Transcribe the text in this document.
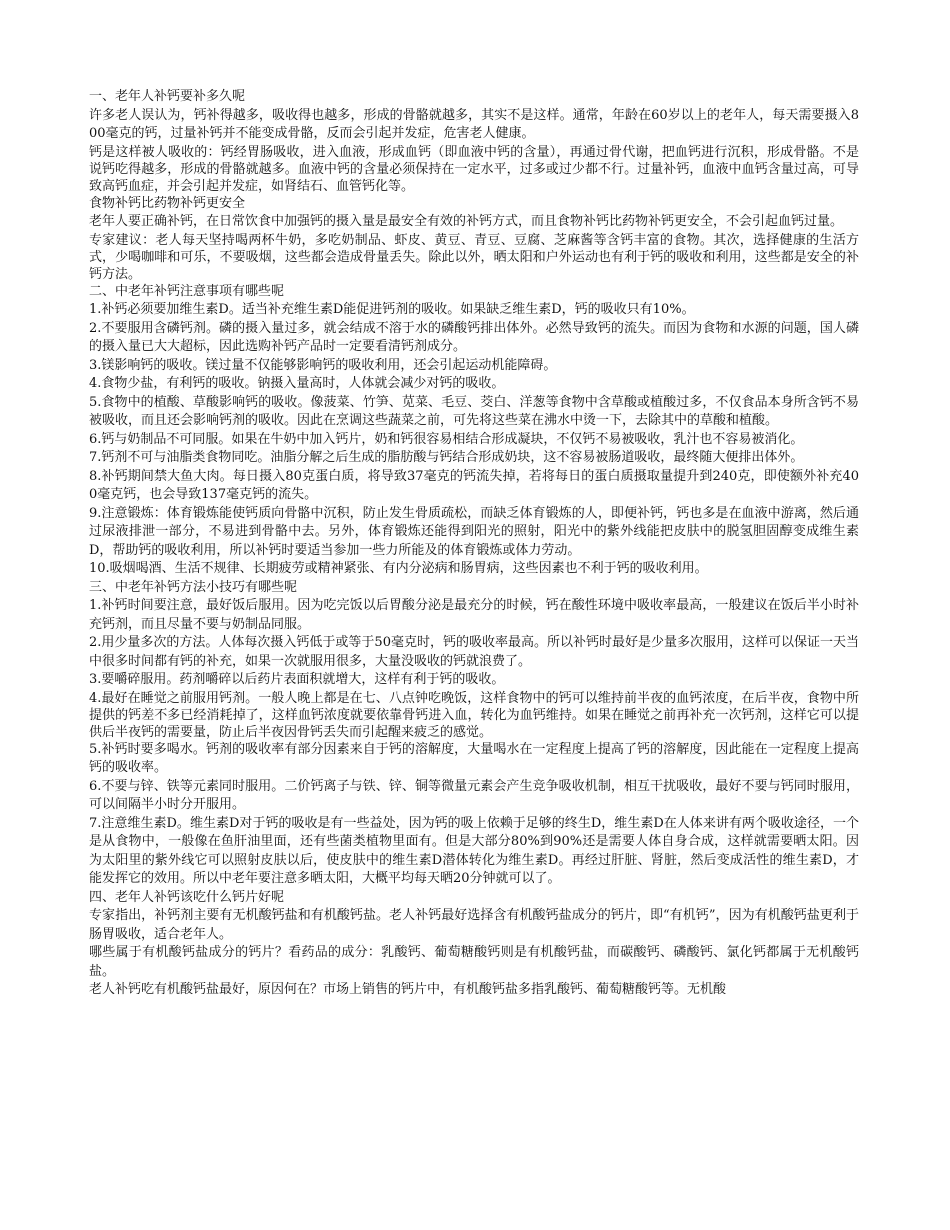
一、老年人补钙要补多久呢

许多老人误认为，钙补得越多，吸收得也越多，形成的骨骼就越多，其实不是这样。通常，年龄在60岁以上的老年人，每天需要摄入800毫克的钙，过量补钙并不能变成骨骼，反而会引起并发症，危害老人健康。

钙是这样被人吸收的：钙经胃肠吸收，进入血液，形成血钙（即血液中钙的含量），再通过骨代谢，把血钙进行沉积，形成骨骼。不是说钙吃得越多，形成的骨骼就越多。血液中钙的含量必须保持在一定水平，过多或过少都不行。过量补钙，血液中血钙含量过高，可导致高钙血症，并会引起并发症，如肾结石、血管钙化等。

食物补钙比药物补钙更安全

老年人要正确补钙，在日常饮食中加强钙的摄入量是最安全有效的补钙方式，而且食物补钙比药物补钙更安全，不会引起血钙过量。

专家建议：老人每天坚持喝两杯牛奶，多吃奶制品、虾皮、黄豆、青豆、豆腐、芝麻酱等含钙丰富的食物。其次，选择健康的生活方式，少喝咖啡和可乐，不要吸烟，这些都会造成骨量丢失。除此以外，晒太阳和户外运动也有利于钙的吸收和利用，这些都是安全的补钙方法。

二、中老年补钙注意事项有哪些呢

1.补钙必须要加维生素D。适当补充维生素D能促进钙剂的吸收。如果缺乏维生素D，钙的吸收只有10%。

2.不要服用含磷钙剂。磷的摄入量过多，就会结成不溶于水的磷酸钙排出体外。必然导致钙的流失。而因为食物和水源的问题，国人磷的摄入量已大大超标，因此选购补钙产品时一定要看清钙剂成分。

3.镁影响钙的吸收。镁过量不仅能够影响钙的吸收利用，还会引起运动机能障碍。

4.食物少盐，有利钙的吸收。钠摄入量高时，人体就会减少对钙的吸收。

5.食物中的植酸、草酸影响钙的吸收。像菠菜、竹笋、苋菜、毛豆、茭白、洋葱等食物中含草酸或植酸过多，不仅食品本身所含钙不易被吸收，而且还会影响钙剂的吸收。因此在烹调这些蔬菜之前，可先将这些菜在沸水中烫一下，去除其中的草酸和植酸。

6.钙与奶制品不可同服。如果在牛奶中加入钙片，奶和钙很容易相结合形成凝块，不仅钙不易被吸收，乳汁也不容易被消化。

7.钙剂不可与油脂类食物同吃。油脂分解之后生成的脂肪酸与钙结合形成奶块，这不容易被肠道吸收，最终随大便排出体外。

8.补钙期间禁大鱼大肉。每日摄入80克蛋白质，将导致37毫克的钙流失掉，若将每日的蛋白质摄取量提升到240克，即使额外补充400毫克钙，也会导致137毫克钙的流失。

9.注意锻炼：体育锻炼能使钙质向骨骼中沉积，防止发生骨质疏松，而缺乏体育锻炼的人，即便补钙，钙也多是在血液中游离，然后通过尿液排泄一部分，不易进到骨骼中去。另外，体育锻炼还能得到阳光的照射，阳光中的紫外线能把皮肤中的脱氢胆固醇变成维生素D，帮助钙的吸收利用，所以补钙时要适当参加一些力所能及的体育锻炼或体力劳动。

10.吸烟喝酒、生活不规律、长期疲劳或精神紧张、有内分泌病和肠胃病，这些因素也不利于钙的吸收利用。

三、中老年补钙方法小技巧有哪些呢

1.补钙时间要注意，最好饭后服用。因为吃完饭以后胃酸分泌是最充分的时候，钙在酸性环境中吸收率最高，一般建议在饭后半小时补充钙剂，而且尽量不要与奶制品同服。

2.用少量多次的方法。人体每次摄入钙低于或等于50毫克时，钙的吸收率最高。所以补钙时最好是少量多次服用，这样可以保证一天当中很多时间都有钙的补充，如果一次就服用很多，大量没吸收的钙就浪费了。

3.要嚼碎服用。药剂嚼碎以后药片表面积就增大，这样有利于钙的吸收。

4.最好在睡觉之前服用钙剂。一般人晚上都是在七、八点钟吃晚饭，这样食物中的钙可以维持前半夜的血钙浓度，在后半夜，食物中所提供的钙差不多已经消耗掉了，这样血钙浓度就要依靠骨钙进入血，转化为血钙维持。如果在睡觉之前再补充一次钙剂，这样它可以提供后半夜钙的需要量，防止后半夜因骨钙丢失而引起醒来疲乏的感觉。

5.补钙时要多喝水。钙剂的吸收率有部分因素来自于钙的溶解度，大量喝水在一定程度上提高了钙的溶解度，因此能在一定程度上提高钙的吸收率。

6.不要与锌、铁等元素同时服用。二价钙离子与铁、锌、铜等微量元素会产生竞争吸收机制，相互干扰吸收，最好不要与钙同时服用，可以间隔半小时分开服用。

7.注意维生素D。维生素D对于钙的吸收是有一些益处，因为钙的吸上依赖于足够的终生D，维生素D在人体来讲有两个吸收途径，一个是从食物中，一般像在鱼肝油里面，还有些菌类植物里面有。但是大部分80%到90%还是需要人体自身合成，这样就需要晒太阳。因为太阳里的紫外线它可以照射皮肤以后，使皮肤中的维生素D潜体转化为维生素D。再经过肝脏、肾脏，然后变成活性的维生素D，才能发挥它的效用。所以中老年要注意多晒太阳，大概平均每天晒20分钟就可以了。

四、老年人补钙该吃什么钙片好呢

专家指出，补钙剂主要有无机酸钙盐和有机酸钙盐。老人补钙最好选择含有机酸钙盐成分的钙片，即“有机钙”，因为有机酸钙盐更利于肠胃吸收，适合老年人。

哪些属于有机酸钙盐成分的钙片？看药品的成分：乳酸钙、葡萄糖酸钙则是有机酸钙盐，而碳酸钙、磷酸钙、氯化钙都属于无机酸钙盐。

老人补钙吃有机酸钙盐最好，原因何在？市场上销售的钙片中，有机酸钙盐多指乳酸钙、葡萄糖酸钙等。无机酸
